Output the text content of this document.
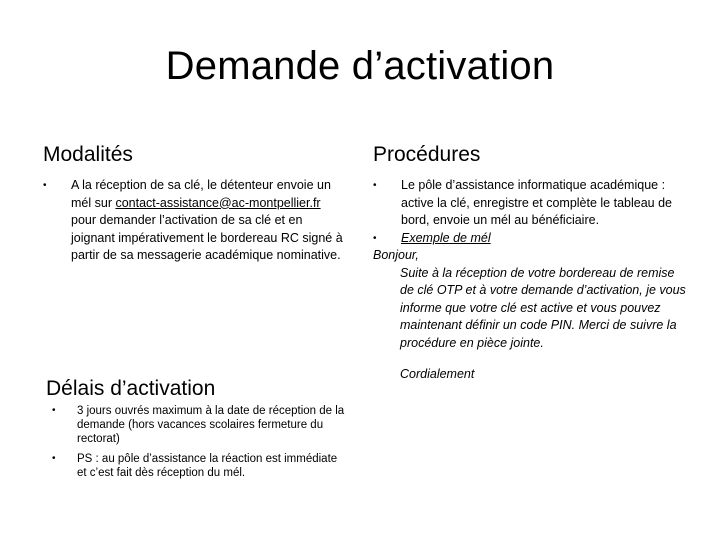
Demande d’activation
Modalités
• A la réception de sa clé, le détenteur envoie un mél sur contact-assistance@ac-montpellier.fr pour demander l’activation de sa clé et en joignant impérativement le bordereau RC signé à partir de sa messagerie académique nominative.
Délais d’activation
• 3 jours ouvrés maximum à la date de réception de la demande (hors vacances scolaires fermeture du rectorat)
• PS : au pôle d’assistance la réaction est immédiate et c’est fait dès réception du mél.
Procédures
• Le pôle d’assistance informatique académique : active la clé, enregistre et complète le tableau de bord, envoie un mél au bénéficiaire.
• Exemple de mél
Bonjour,
Suite à la réception de votre bordereau de remise de clé OTP et à votre demande d’activation, je vous informe que votre clé est active et vous pouvez maintenant définir un code PIN. Merci de suivre la procédure en pièce jointe.
Cordialement
